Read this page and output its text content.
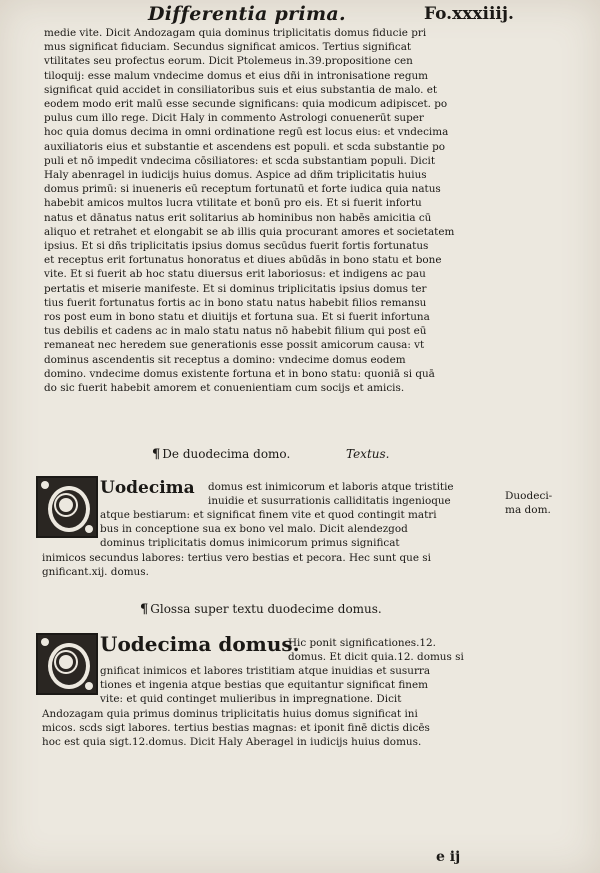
Differentia prima.	Fo.xxxiiij.
medie vite. Dicit Andozagam quia dominus triplicitatis domus fiducie pri
mus significat fiduciam. Secundus significat amicos. Tertius significat
vtilitates seu profectus eorum. Dicit Ptolemeus in.39.propositione cen
tiloquij: esse malum vndecime domus et eius dñi in intronisatione regum
significat quid accidet in consiliatoribus suis et eius substantia de malo. et
eodem modo erit malū esse secunde significans: quia modicum adipiscet. po
pulus cum illo rege. Dicit Haly in commento Astrologi conuenerūt super
hoc quia domus decima in omni ordinatione regū est locus eius: et vndecima
auxiliatoris eius et substantie et ascendens est populi. et scda substantie po
puli et nō impedit vndecima cōsiliatores: et scda substantiam populi. Dicit
Haly abenragel in iudicijs huius domus. Aspice ad dñm triplicitatis huius
domus primū: si inueneris eū receptum fortunatū et forte iudica quia natus
habebit amicos multos lucra vtilitate et bonū pro eis. Et si fuerit infortu
natus et dānatus natus erit solitarius ab hominibus non habēs amicitia cū
aliquo et retrahet et elongabit se ab illis quia procurant amores et societatem
ipsius. Et si dñs triplicitatis ipsius domus secūdus fuerit fortis fortunatus
et receptus erit fortunatus honoratus et diues abūdās in bono statu et bone
vite. Et si fuerit ab hoc statu diuersus erit laboriosus: et indigens ac pau
pertatis et miserie manifeste. Et si dominus triplicitatis ipsius domus ter
tius fuerit fortunatus fortis ac in bono statu natus habebit filios remansu
ros post eum in bono statu et diuitijs et fortuna sua. Et si fuerit infortuna
tus debilis et cadens ac in malo statu natus nō habebit filium qui post eū
remaneat nec heredem sue generationis esse possit amicorum causa: vt
dominus ascendentis sit receptus a domino: vndecime domus eodem
domino. vndecime domus existente fortuna et in bono statu: quoniā si quā
do sic fuerit habebit amorem et conuenientiam cum socijs et amicis.
¶ De duodecima domo.	Textus.
Uodecima	domus est inimicorum et laboris atque tristitie
inuidie et susurrationis calliditatis ingenioque
atque bestiarum: et significat finem vite et quod contingit matri
bus in conceptione sua ex bono vel malo. Dicit alendezgod
dominus triplicitatis domus inimicorum primus significat
inimicos secundus labores: tertius vero bestias et pecora. Hec sunt que si
gnificant.xij. domus.
Duodeci-
ma dom.
¶ Glossa super textu duodecime domus.
Uodecima domus.
Hic ponit significationes.12.
domus. Et dicit quia.12. domus si
gnificat inimicos et labores tristitiam atque inuidias et susurra
tiones et ingenia atque bestias que equitantur significat finem
vite: et quid continget mulieribus in impregnatione. Dicit
Andozagam quia primus dominus triplicitatis huius domus significat ini
micos. scds sigt labores. tertius bestias magnas: et iponit finē dictis dicēs
hoc est quia sigt.12.domus. Dicit Haly Aberagel in iudicijs huius domus.
e ij
